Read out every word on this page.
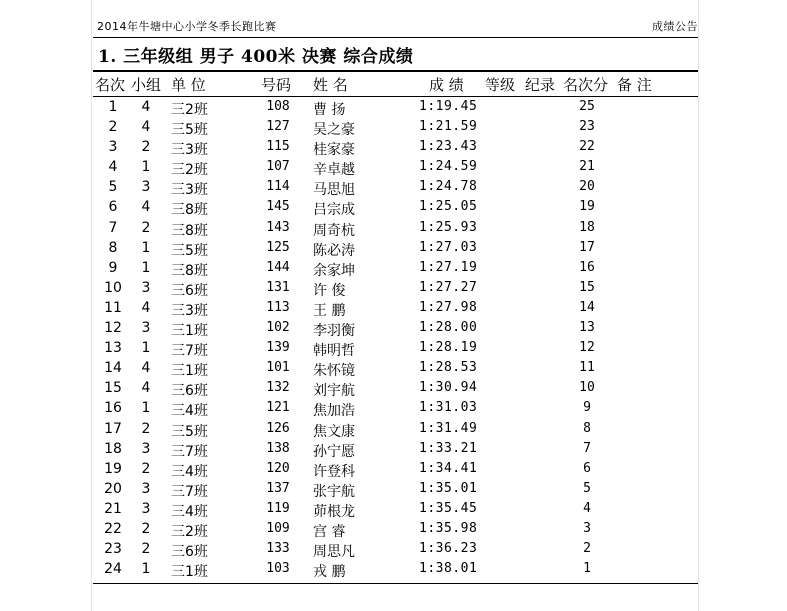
2014年牛塘中心小学冬季长跑比赛	成绩公告
1. 三年级组 男子 400米 决赛 综合成绩
名次 小组 单 位	号码 姓 名	成 绩 等级 纪录 名次分 备 注
1	4 三2班	108 曹 扬	1:19.45	25
2	4 三5班	127 吴之豪	1:21.59	23
3	2 三3班	115 桂家豪	1:23.43	22
4	1 三2班	107 辛卓越	1:24.59	21
5	3 三3班	114 马思旭	1:24.78	20
6	4 三8班	145 吕宗成	1:25.05	19
7	2 三8班	143 周奇杭	1:25.93	18
8	1 三5班	125 陈必涛	1:27.03	17
9	1 三8班	144 余家坤	1:27.19	16
10 3 三6班	131 许 俊	1:27.27	15
11 4 三3班	113 王 鹏	1:27.98	14
12 3 三1班	102 李羽衡	1:28.00	13
13 1 三7班	139 韩明哲	1:28.19	12
14 4 三1班	101 朱怀镜	1:28.53	11
15 4 三6班	132 刘宇航	1:30.94	10
16 1 三4班	121 焦加浩	1:31.03	9
17 2 三5班	126 焦文康	1:31.49	8
18 3 三7班	138 孙宁愿	1:33.21	7
19 2 三4班	120 许登科	1:34.41	6
20 3 三7班	137 张宇航	1:35.01	5
21 3 三4班	119 茆根龙	1:35.45	4
22 2 三2班	109 宫 睿	1:35.98	3
23 2 三6班	133 周思凡	1:36.23	2
24 1 三1班	103 戎 鹏	1:38.01	1
